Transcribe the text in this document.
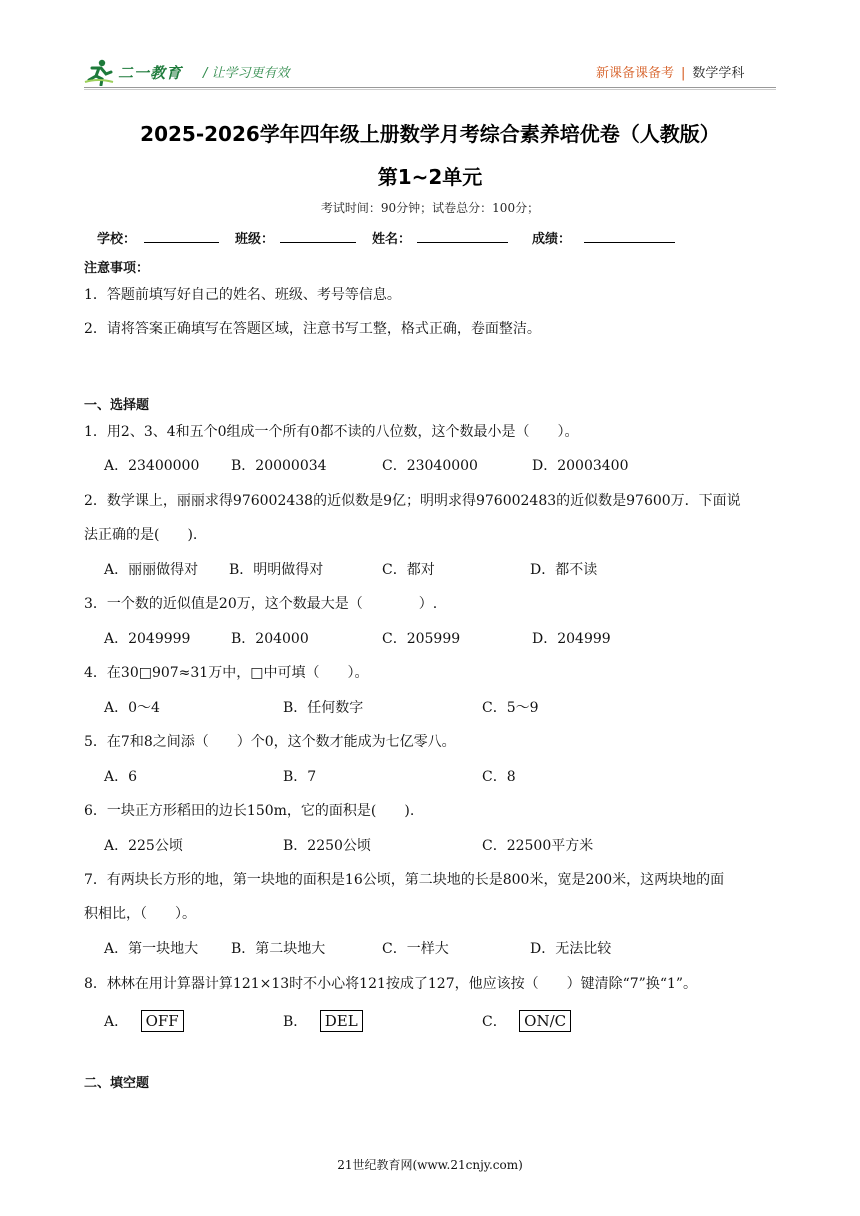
二一教育 / 让学习更有效	新课备课备考 | 数学学科
2025-2026学年四年级上册数学月考综合素养培优卷（人教版）
第1~2单元
考试时间：90分钟；试卷总分：100分；
学校：	班级：	姓名：	成绩：
注意事项：
1．答题前填写好自己的姓名、班级、考号等信息。
2．请将答案正确填写在答题区域，注意书写工整，格式正确，卷面整洁。
一、选择题
1．用2、3、4和五个0组成一个所有0都不读的八位数，这个数最小是（　　）。
A．23400000 B．20000034	C．23040000	D．20003400
2．数学课上，丽丽求得976002438的近似数是9亿；明明求得976002483的近似数是97600万．下面说
法正确的是(　　).
A．丽丽做得对 B．明明做得对	C．都对	D．都不读
3．一个数的近似值是20万，这个数最大是（　　　　）.
A．2049999	B．204000	C．205999	D．204999
4．在30□907≈31万中，□中可填（　　）。
A．0～4	B．任何数字	C．5～9
5．在7和8之间添（　　）个0，这个数才能成为七亿零八。
A．6	B．7	C．8
6．一块正方形稻田的边长150m，它的面积是(　　).
A．225公顷	B．2250公顷	C．22500平方米
7．有两块长方形的地，第一块地的面积是16公顷，第二块地的长是800米，宽是200米，这两块地的面
积相比，（　　）。
A．第一块地大 B．第二块地大	C．一样大	D．无法比较
8．林林在用计算器计算121×13时不小心将121按成了127，他应该按（　　）键清除“7”换“1”。
A． OFF	B． DEL	C． ON/C
二、填空题
21世纪教育网(www.21cnjy.com)
